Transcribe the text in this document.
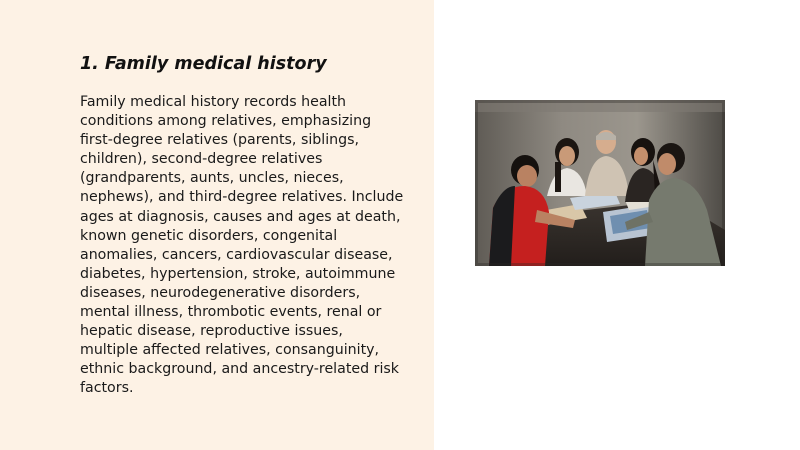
1. Family medical history

Family medical history records health
conditions among relatives, emphasizing
first-degree relatives (parents, siblings,
children), second-degree relatives
(grandparents, aunts, uncles, nieces,
nephews), and third-degree relatives. Include
ages at diagnosis, causes and ages at death,
known genetic disorders, congenital
anomalies, cancers, cardiovascular disease,
diabetes, hypertension, stroke, autoimmune
diseases, neurodegenerative disorders,
mental illness, thrombotic events, renal or
hepatic disease, reproductive issues,
multiple affected relatives, consanguinity,
ethnic background, and ancestry-related risk
factors.
